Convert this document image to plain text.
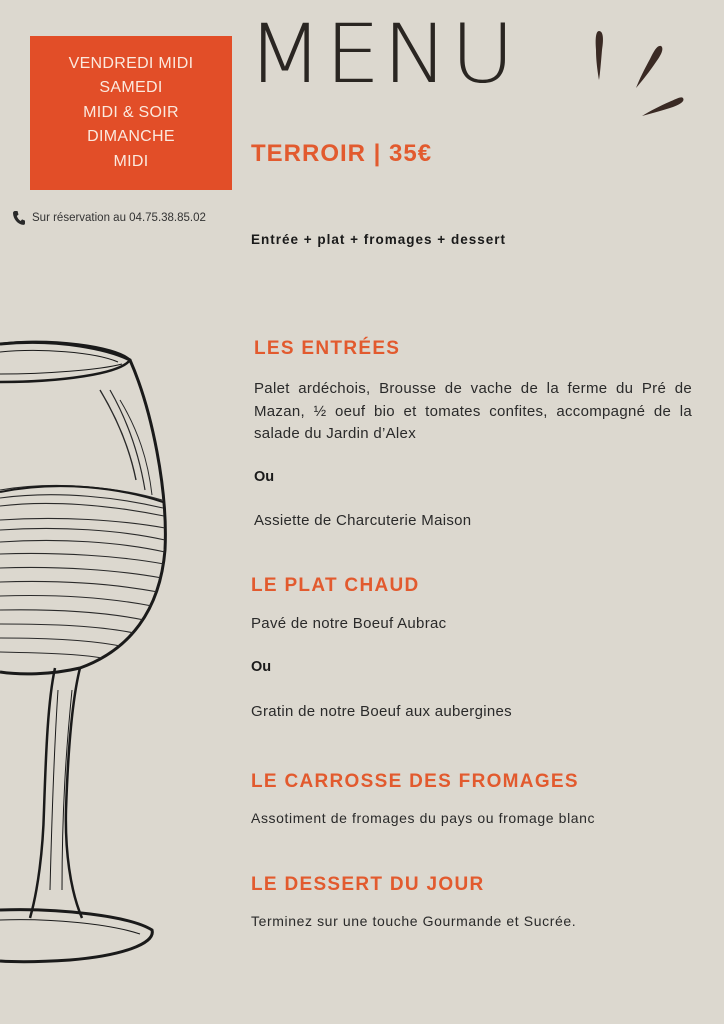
VENDREDI MIDI
SAMEDI
MIDI & SOIR
DIMANCHE
MIDI
MENU
TERROIR | 35€
Sur réservation au 04.75.38.85.02
Entrée + plat + fromages + dessert
LES ENTRÉES
Palet ardéchois, Brousse de vache de la ferme du Pré de Mazan, ½ oeuf bio et tomates confites, accompagné de la salade du Jardin d’Alex
Ou
Assiette de Charcuterie Maison
LE PLAT CHAUD
Pavé de notre Boeuf Aubrac
Ou
Gratin de notre Boeuf aux aubergines
LE CARROSSE DES FROMAGES
Assotiment de fromages du pays ou fromage blanc
LE DESSERT DU JOUR
Terminez sur une touche Gourmande et Sucrée.
